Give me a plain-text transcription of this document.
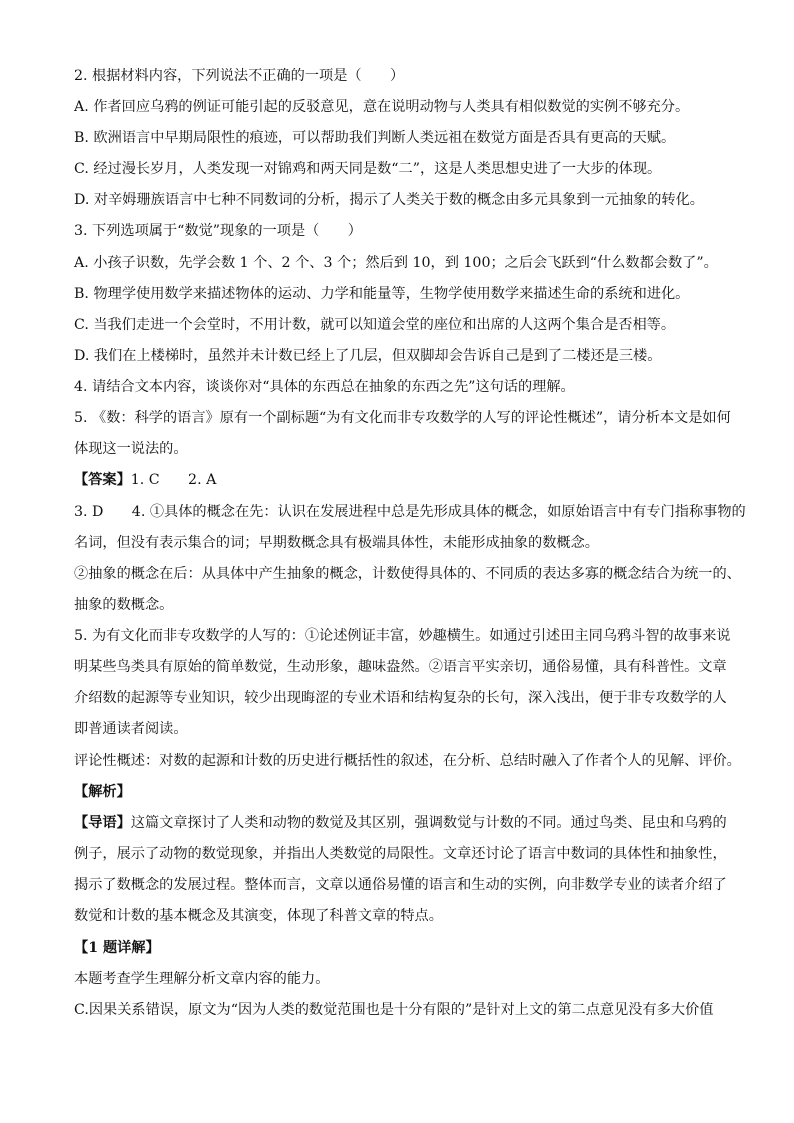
2. 根据材料内容，下列说法不正确的一项是（　　）
A. 作者回应乌鸦的例证可能引起的反驳意见，意在说明动物与人类具有相似数觉的实例不够充分。
B. 欧洲语言中早期局限性的痕迹，可以帮助我们判断人类远祖在数觉方面是否具有更高的天赋。
C. 经过漫长岁月，人类发现一对锦鸡和两天同是数“二”，这是人类思想史进了一大步的体现。
D. 对辛姆珊族语言中七种不同数词的分析，揭示了人类关于数的概念由多元具象到一元抽象的转化。
3. 下列选项属于“数觉”现象的一项是（　　）
A. 小孩子识数，先学会数 1 个、2 个、3 个；然后到 10，到 100；之后会飞跃到“什么数都会数了”。
B. 物理学使用数学来描述物体的运动、力学和能量等，生物学使用数学来描述生命的系统和进化。
C. 当我们走进一个会堂时，不用计数，就可以知道会堂的座位和出席的人这两个集合是否相等。
D. 我们在上楼梯时，虽然并未计数已经上了几层，但双脚却会告诉自己是到了二楼还是三楼。
4. 请结合文本内容，谈谈你对“具体的东西总在抽象的东西之先”这句话的理解。
5. 《数：科学的语言》原有一个副标题“为有文化而非专攻数学的人写的评论性概述”，请分析本文是如何
体现这一说法的。
【答案】1. C　　2. A
3. D　　4. ①具体的概念在先：认识在发展进程中总是先形成具体的概念，如原始语言中有专门指称事物的
名词，但没有表示集合的词；早期数概念具有极端具体性，未能形成抽象的数概念。
②抽象的概念在后：从具体中产生抽象的概念，计数使得具体的、不同质的表达多寡的概念结合为统一的、
抽象的数概念。
5. 为有文化而非专攻数学的人写的：①论述例证丰富，妙趣横生。如通过引述田主同乌鸦斗智的故事来说
明某些鸟类具有原始的简单数觉，生动形象，趣味盎然。②语言平实亲切，通俗易懂，具有科普性。文章
介绍数的起源等专业知识，较少出现晦涩的专业术语和结构复杂的长句，深入浅出，便于非专攻数学的人
即普通读者阅读。
评论性概述：对数的起源和计数的历史进行概括性的叙述，在分析、总结时融入了作者个人的见解、评价。
【解析】
【导语】这篇文章探讨了人类和动物的数觉及其区别，强调数觉与计数的不同。通过鸟类、昆虫和乌鸦的
例子，展示了动物的数觉现象，并指出人类数觉的局限性。文章还讨论了语言中数词的具体性和抽象性，
揭示了数概念的发展过程。整体而言，文章以通俗易懂的语言和生动的实例，向非数学专业的读者介绍了
数觉和计数的基本概念及其演变，体现了科普文章的特点。
【1 题详解】
本题考查学生理解分析文章内容的能力。
C.因果关系错误，原文为“因为人类的数觉范围也是十分有限的”是针对上文的第二点意见没有多大价值
